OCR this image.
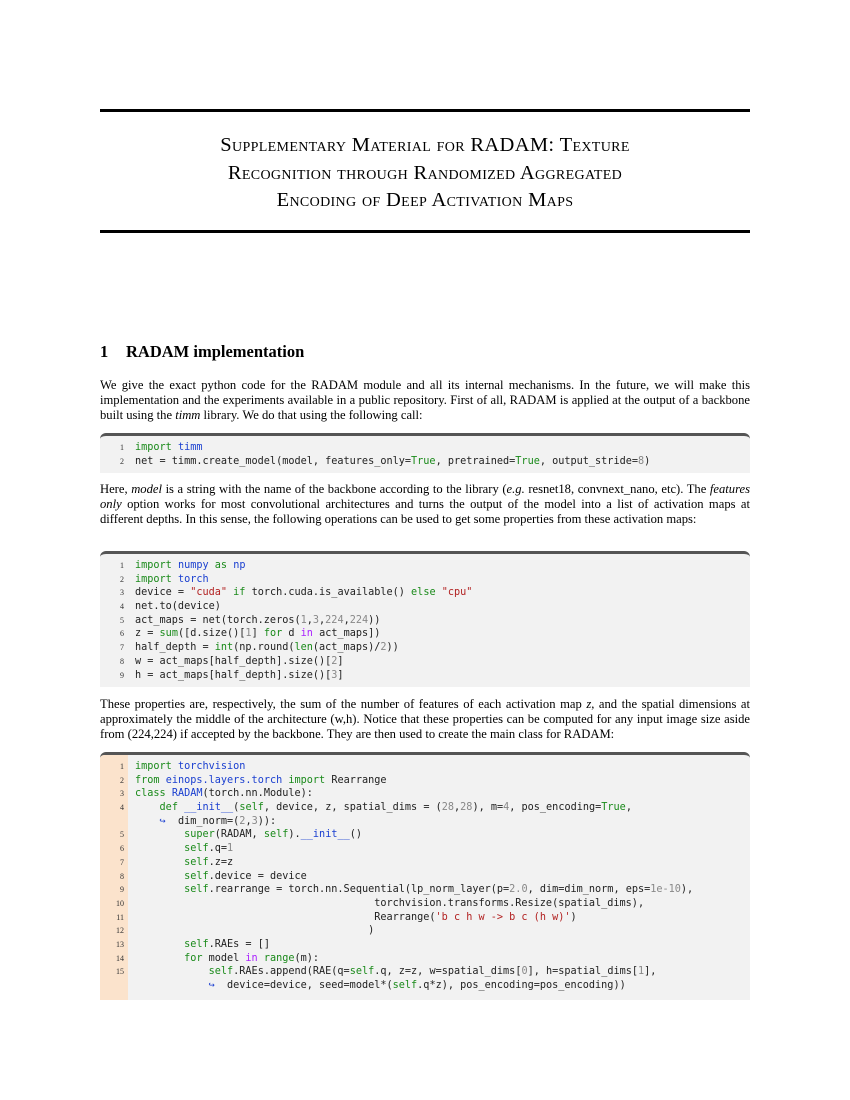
Supplementary Material for RADAM: Texture
Recognition through Randomized Aggregated
Encoding of Deep Activation Maps
1 RADAM implementation
We give the exact python code for the RADAM module and all its internal mechanisms. In the future, we will make this implementation and the experiments available in a public repository. First of all, RADAM is applied at the output of a backbone built using the timm library. We do that using the following call:
1 import timm
2 net = timm.create_model(model, features_only=True, pretrained=True, output_stride=8)
Here, model is a string with the name of the backbone according to the library (e.g. resnet18, convnext_nano, etc). The features only option works for most convolutional architectures and turns the output of the model into a list of activation maps at different depths. In this sense, the following operations can be used to get some properties from these activation maps:
1 import numpy as np
2 import torch
3 device = "cuda" if torch.cuda.is_available() else "cpu"
4 net.to(device)
5 act_maps = net(torch.zeros(1,3,224,224))
6 z = sum([d.size()[1] for d in act_maps])
7 half_depth = int(np.round(len(act_maps)/2))
8 w = act_maps[half_depth].size()[2]
9 h = act_maps[half_depth].size()[3]
These properties are, respectively, the sum of the number of features of each activation map z, and the spatial dimensions at approximately the middle of the architecture (w,h). Notice that these properties can be computed for any input image size aside from (224,224) if accepted by the backbone. They are then used to create the main class for RADAM:
1 import torchvision
2 from einops.layers.torch import Rearrange
3 class RADAM(torch.nn.Module):
4	def __init__(self, device, z, spatial_dims = (28,28), m=4, pos_encoding=True,
↪  dim_norm=(2,3)):
5	super(RADAM, self).__init__()
6	self.q=1
7	self.z=z
8	self.device = device
9	self.rearrange = torch.nn.Sequential(lp_norm_layer(p=2.0, dim=dim_norm, eps=1e-10),
10 torchvision.transforms.Resize(spatial_dims),
11 Rearrange('b c h w -> b c (h w)')
12 )
13	self.RAEs = []
14	for model in range(m):
15	self.RAEs.append(RAE(q=self.q, z=z, w=spatial_dims[0], h=spatial_dims[1],
↪  device=device, seed=model*(self.q*z), pos_encoding=pos_encoding))
